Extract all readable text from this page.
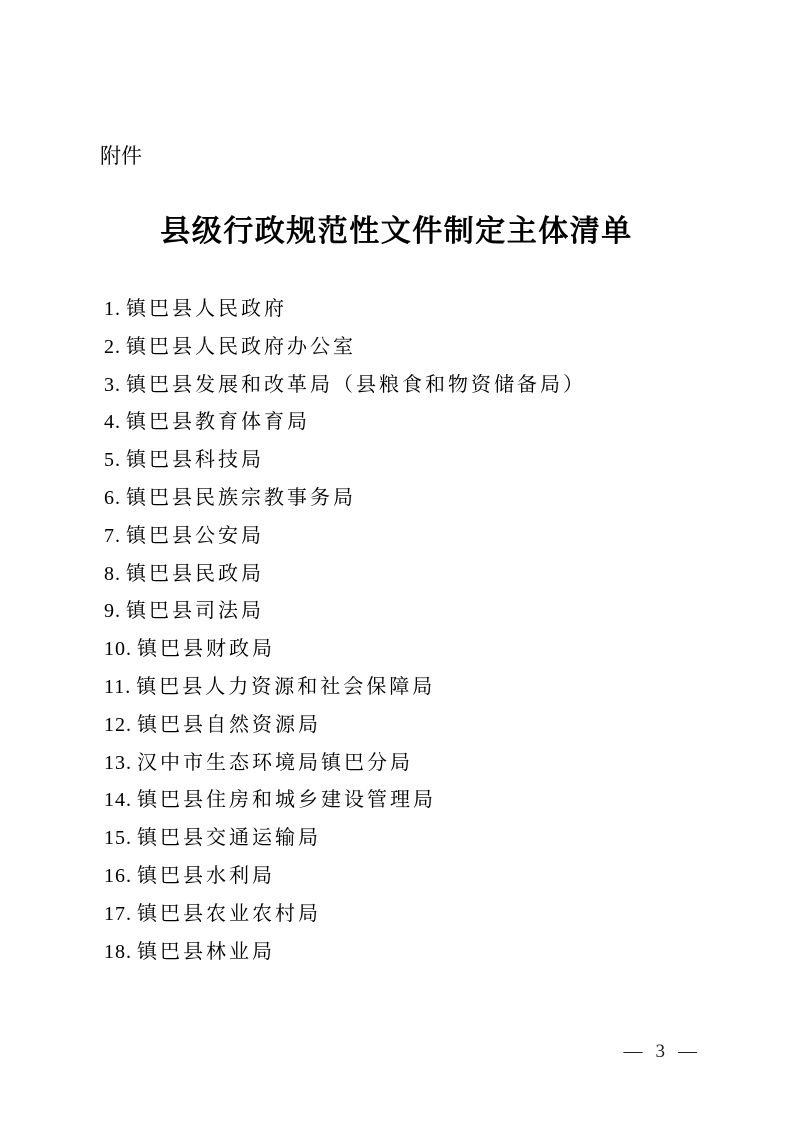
附件
县级行政规范性文件制定主体清单
1. 镇巴县人民政府
2. 镇巴县人民政府办公室
3. 镇巴县发展和改革局（县粮食和物资储备局）
4. 镇巴县教育体育局
5. 镇巴县科技局
6. 镇巴县民族宗教事务局
7. 镇巴县公安局
8. 镇巴县民政局
9. 镇巴县司法局
10. 镇巴县财政局
11. 镇巴县人力资源和社会保障局
12. 镇巴县自然资源局
13. 汉中市生态环境局镇巴分局
14. 镇巴县住房和城乡建设管理局
15. 镇巴县交通运输局
16. 镇巴县水利局
17. 镇巴县农业农村局
18. 镇巴县林业局
— 3 —
